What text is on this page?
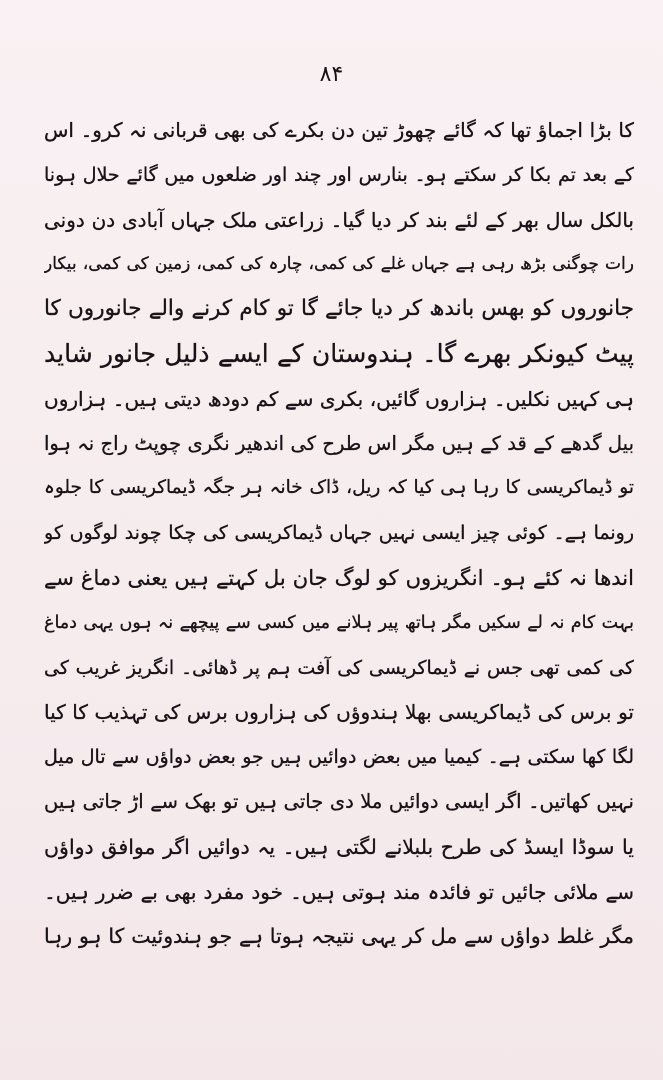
۸۴
کا بڑا اجماؤ تھا کہ گائے چھوڑ تین دن بکرے کی بھی قربانی نہ کرو۔ اس
کے بعد تم بکا کر سکتے ہو۔ بنارس اور چند اور ضلعوں میں گائے حلال ہونا
بالکل سال بھر کے لئے بند کر دیا گیا۔ زراعتی ملک جہاں آبادی دن دونی
رات چوگنی بڑھ رہی ہے جہاں غلے کی کمی، چارہ کی کمی، زمین کی کمی، بیکار
جانوروں کو بھس باندھ کر دیا جائے گا تو کام کرنے والے جانوروں کا
پیٹ کیونکر بھرے گا۔ ہندوستان کے ایسے ذلیل جانور شاید
ہی کہیں نکلیں۔ ہزاروں گائیں، بکری سے کم دودھ دیتی ہیں۔ ہزاروں
بیل گدھے کے قد کے ہیں مگر اس طرح کی اندھیر نگری چوپٹ راج نہ ہوا
تو ڈیماکریسی کا رہا ہی کیا کہ ریل، ڈاک خانہ ہر جگہ ڈیماکریسی کا جلوہ
رونما ہے۔ کوئی چیز ایسی نہیں جہاں ڈیماکریسی کی چکا چوند لوگوں کو
اندھا نہ کئے ہو۔ انگریزوں کو لوگ جان بل کہتے ہیں یعنی دماغ سے
بہت کام نہ لے سکیں مگر ہاتھ پیر ہلانے میں کسی سے پیچھے نہ ہوں یہی دماغ
کی کمی تھی جس نے ڈیماکریسی کی آفت ہم پر ڈھائی۔ انگریز غریب کی
تو برس کی ڈیماکریسی بھلا ہندوؤں کی ہزاروں برس کی تہذیب کا کیا
لگا کھا سکتی ہے۔ کیمیا میں بعض دوائیں ہیں جو بعض دواؤں سے تال میل
نہیں کھاتیں۔ اگر ایسی دوائیں ملا دی جاتی ہیں تو بھک سے اڑ جاتی ہیں
یا سوڈا ایسڈ کی طرح بلبلانے لگتی ہیں۔ یہ دوائیں اگر موافق دواؤں
سے ملائی جائیں تو فائدہ مند ہوتی ہیں۔ خود مفرد بھی بے ضرر ہیں۔
مگر غلط دواؤں سے مل کر یہی نتیجہ ہوتا ہے جو ہندوئیت کا ہو رہا
